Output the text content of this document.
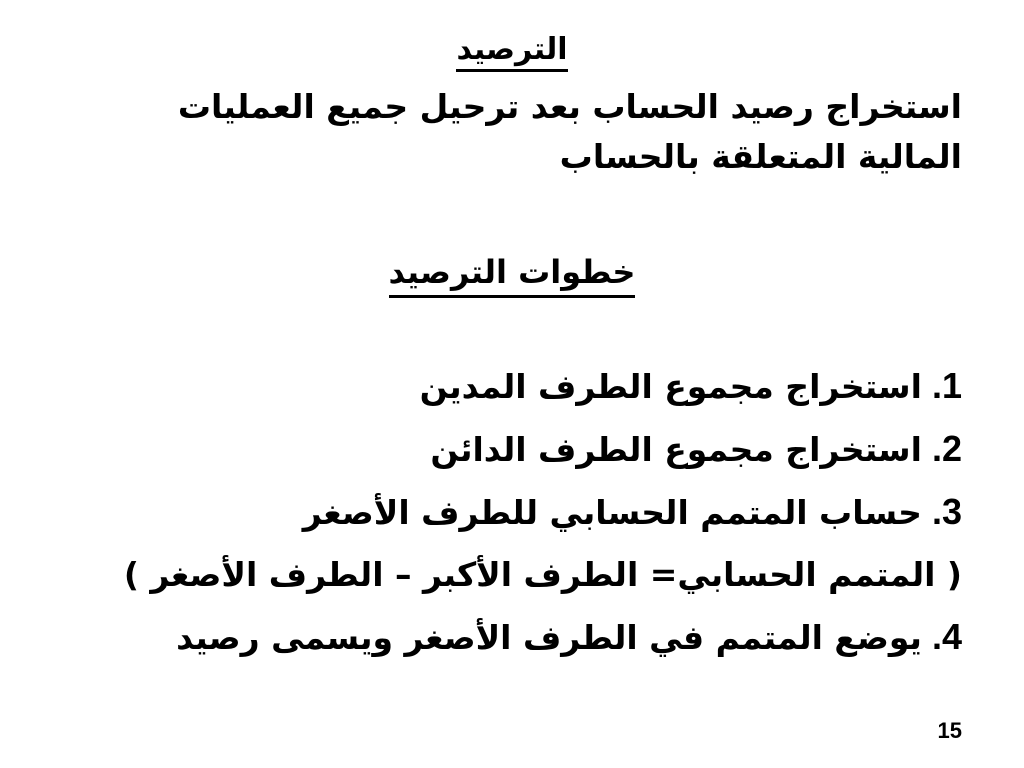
الترصيد
استخراج رصيد الحساب بعد ترحيل جميع العمليات
المالية المتعلقة بالحساب
خطوات الترصيد
1.استخراج مجموع الطرف المدين
2.استخراج مجموع الطرف الدائن
3.حساب المتمم الحسابي للطرف الأصغر
( المتمم الحسابي= الطرف الأكبر – الطرف الأصغر )
4.يوضع المتمم في الطرف الأصغر ويسمى رصيد
15
